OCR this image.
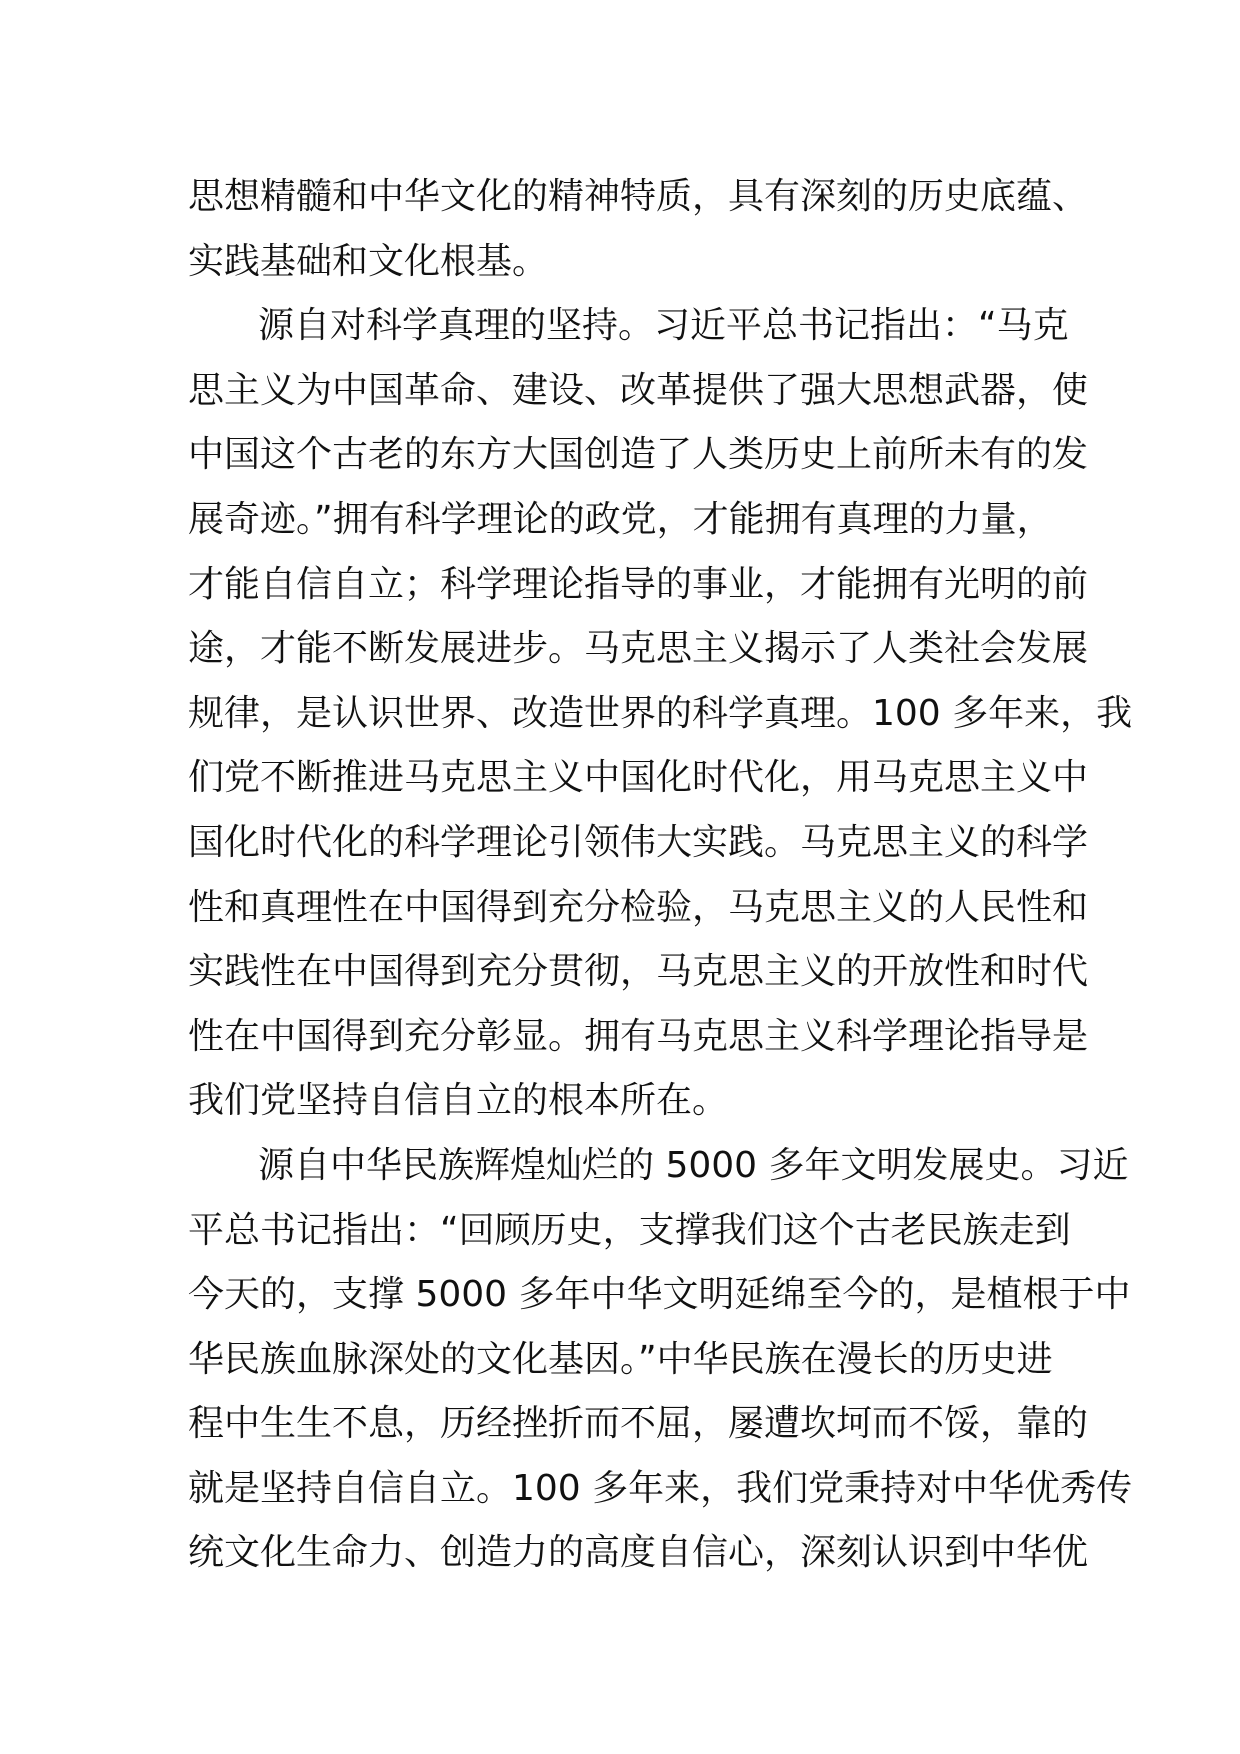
思想精髓和中华文化的精神特质，具有深刻的历史底蕴、
实践基础和文化根基。
源自对科学真理的坚持。习近平总书记指出：“马克
思主义为中国革命、建设、改革提供了强大思想武器，使
中国这个古老的东方大国创造了人类历史上前所未有的发
展奇迹。”拥有科学理论的政党，才能拥有真理的力量，
才能自信自立；科学理论指导的事业，才能拥有光明的前
途，才能不断发展进步。马克思主义揭示了人类社会发展
规律，是认识世界、改造世界的科学真理。100 多年来，我
们党不断推进马克思主义中国化时代化，用马克思主义中
国化时代化的科学理论引领伟大实践。马克思主义的科学
性和真理性在中国得到充分检验，马克思主义的人民性和
实践性在中国得到充分贯彻，马克思主义的开放性和时代
性在中国得到充分彰显。拥有马克思主义科学理论指导是
我们党坚持自信自立的根本所在。
源自中华民族辉煌灿烂的 5000 多年文明发展史。习近
平总书记指出：“回顾历史，支撑我们这个古老民族走到
今天的，支撑 5000 多年中华文明延绵至今的，是植根于中
华民族血脉深处的文化基因。”中华民族在漫长的历史进
程中生生不息，历经挫折而不屈，屡遭坎坷而不馁，靠的
就是坚持自信自立。100 多年来，我们党秉持对中华优秀传
统文化生命力、创造力的高度自信心，深刻认识到中华优
